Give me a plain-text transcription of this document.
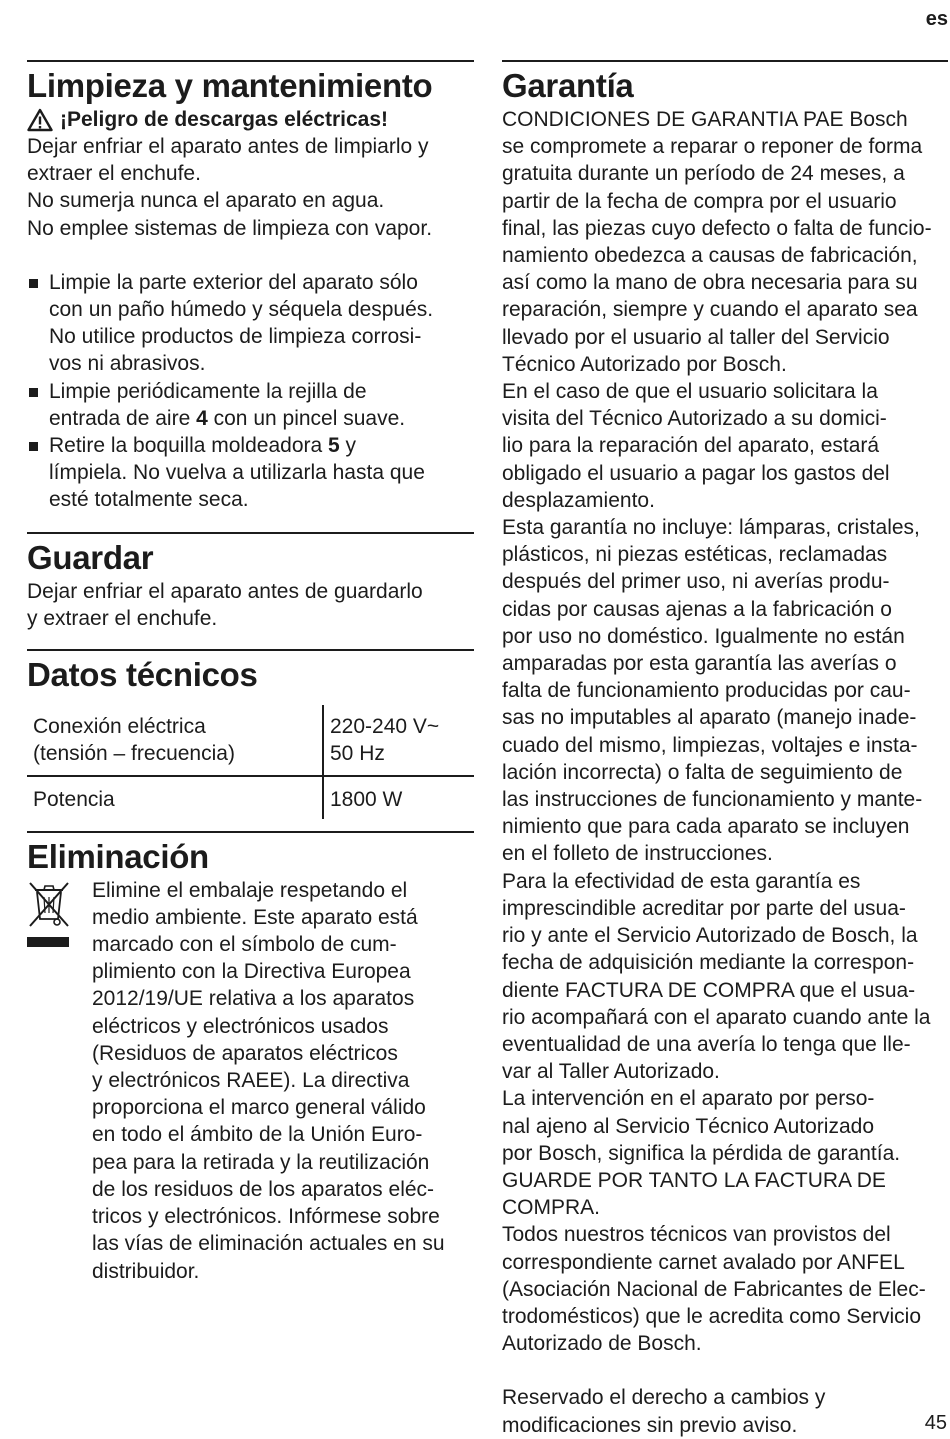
es
Limpieza y mantenimiento
¡Peligro de descargas eléctricas!

Dejar enfriar el aparato antes de limpiarlo y
extraer el enchufe.
No sumerja nunca el aparato en agua.
No emplee sistemas de limpieza con vapor.

Limpie la parte exterior del aparato sólo
con un paño húmedo y séquela después.
No utilice productos de limpieza corrosi-
vos ni abrasivos.
Limpie periódicamente la rejilla de
entrada de aire 4 con un pincel suave.
Retire la boquilla moldeadora 5 y
límpiela. No vuelva a utilizarla hasta que
esté totalmente seca.
Guardar

Dejar enfriar el aparato antes de guardarlo
y extraer el enchufe.

Datos técnicos
Conexión eléctrica
(tensión – frecuencia)	220-240 V~
50 Hz
Potencia	1800 W
Eliminación

Elimine el embalaje respetando el
medio ambiente. Este aparato está
marcado con el símbolo de cum-
plimiento con la Directiva Europea
2012/19/UE relativa a los aparatos
eléctricos y electrónicos usados
(Residuos de aparatos eléctricos
y electrónicos RAEE). La directiva
proporciona el marco general válido
en todo el ámbito de la Unión Euro-
pea para la retirada y la reutilización
de los residuos de los aparatos eléc-
tricos y electrónicos. Infórmese sobre
las vías de eliminación actuales en su
distribuidor.

Garantía

CONDICIONES DE GARANTIA PAE Bosch
se compromete a reparar o reponer de forma
gratuita durante un período de 24 meses, a
partir de la fecha de compra por el usuario
final, las piezas cuyo defecto o falta de funcio-
namiento obedezca a causas de fabricación,
así como la mano de obra necesaria para su
reparación, siempre y cuando el aparato sea
llevado por el usuario al taller del Servicio
Técnico Autorizado por Bosch.

En el caso de que el usuario solicitara la
visita del Técnico Autorizado a su domici-
lio para la reparación del aparato, estará
obligado el usuario a pagar los gastos del
desplazamiento.

Esta garantía no incluye: lámparas, cristales,
plásticos, ni piezas estéticas, reclamadas
después del primer uso, ni averías produ-
cidas por causas ajenas a la fabricación o
por uso no doméstico. Igualmente no están
amparadas por esta garantía las averías o
falta de funcionamiento producidas por cau-
sas no imputables al aparato (manejo inade-
cuado del mismo, limpiezas, voltajes e insta-
lación incorrecta) o falta de seguimiento de
las instrucciones de funcionamiento y mante-
nimiento que para cada aparato se incluyen
en el folleto de instrucciones.

Para la efectividad de esta garantía es
imprescindible acreditar por parte del usua-
rio y ante el Servicio Autorizado de Bosch, la
fecha de adquisición mediante la correspon-
diente FACTURA DE COMPRA que el usua-
rio acompañará con el aparato cuando ante la
eventualidad de una avería lo tenga que lle-
var al Taller Autorizado.

La intervención en el aparato por perso-
nal ajeno al Servicio Técnico Autorizado
por Bosch, significa la pérdida de garantía.
GUARDE POR TANTO LA FACTURA DE
COMPRA.

Todos nuestros técnicos van provistos del
correspondiente carnet avalado por ANFEL
(Asociación Nacional de Fabricantes de Elec-
trodomésticos) que le acredita como Servicio
Autorizado de Bosch.

Reservado el derecho a cambios y
modificaciones sin previo aviso.	45
